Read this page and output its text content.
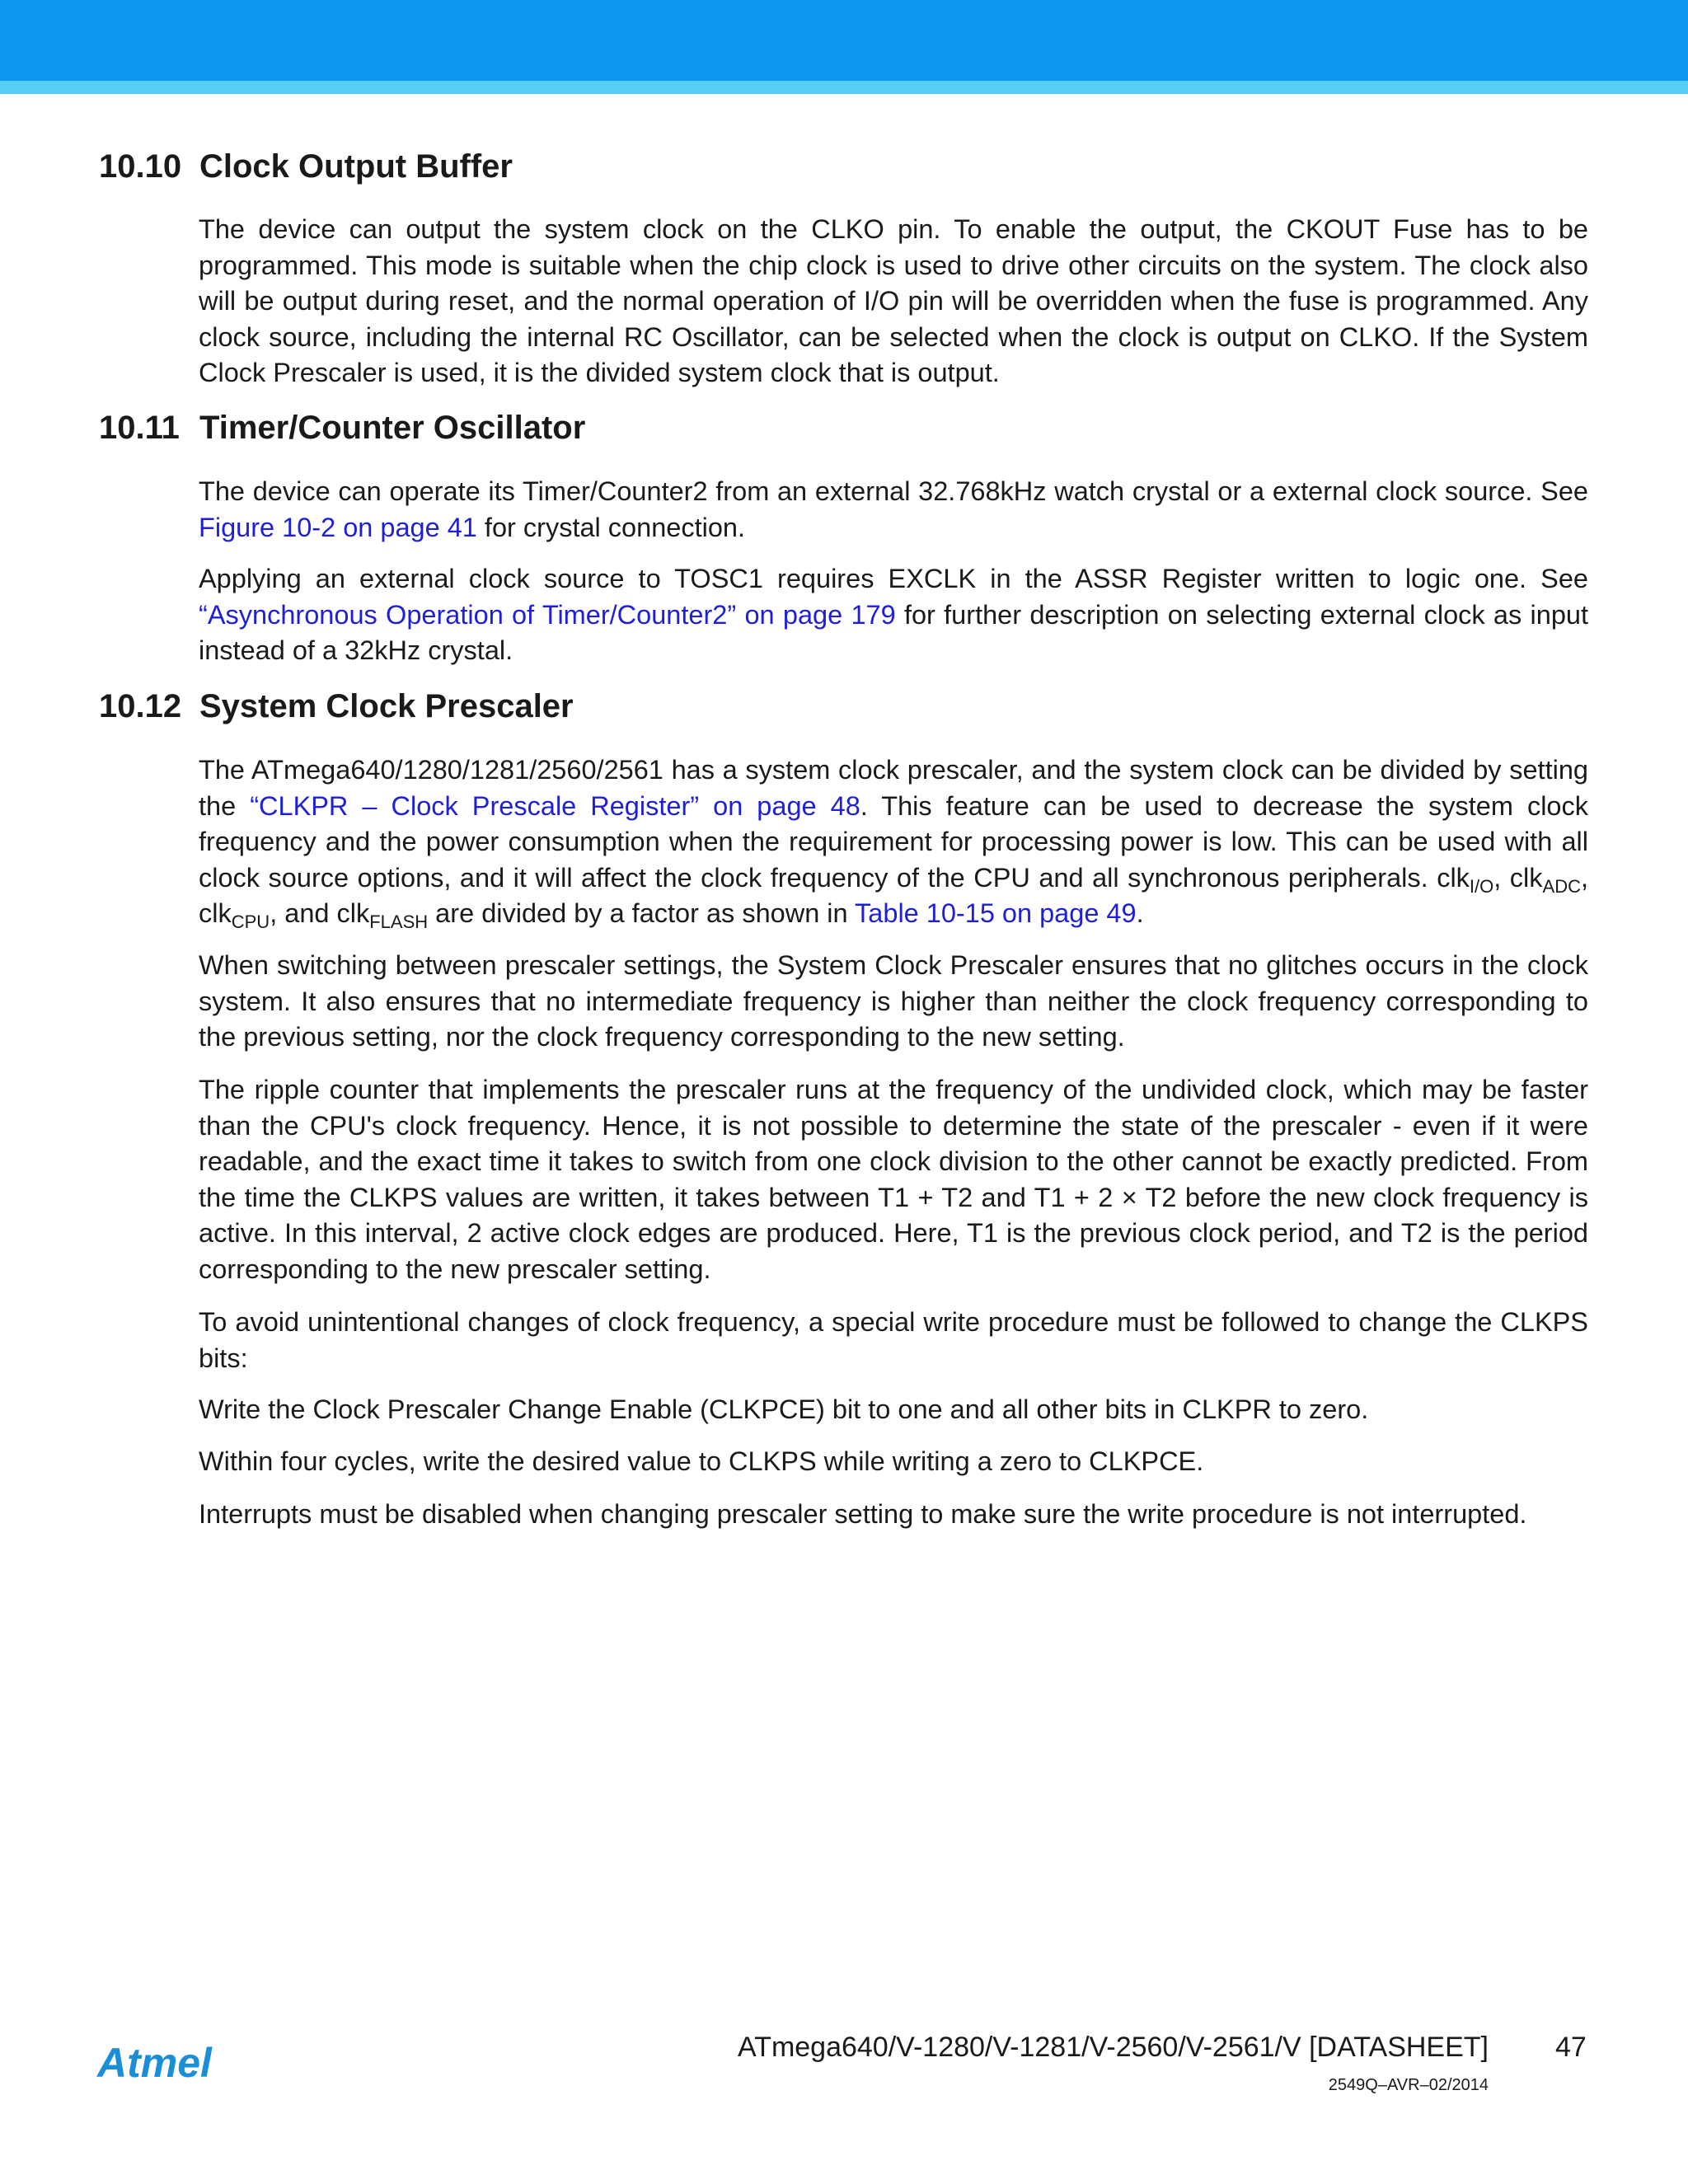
10.10 Clock Output Buffer

The device can output the system clock on the CLKO pin. To enable the output, the CKOUT Fuse has to be programmed. This mode is suitable when the chip clock is used to drive other circuits on the system. The clock also will be output during reset, and the normal operation of I/O pin will be overridden when the fuse is programmed. Any clock source, including the internal RC Oscillator, can be selected when the clock is output on CLKO. If the System Clock Prescaler is used, it is the divided system clock that is output.

10.11 Timer/Counter Oscillator

The device can operate its Timer/Counter2 from an external 32.768kHz watch crystal or a external clock source. See Figure 10-2 on page 41 for crystal connection.

Applying an external clock source to TOSC1 requires EXCLK in the ASSR Register written to logic one. See “Asynchronous Operation of Timer/Counter2” on page 179 for further description on selecting external clock as input instead of a 32kHz crystal.

10.12 System Clock Prescaler

The ATmega640/1280/1281/2560/2561 has a system clock prescaler, and the system clock can be divided by setting the “CLKPR – Clock Prescale Register” on page 48. This feature can be used to decrease the system clock frequency and the power consumption when the requirement for processing power is low. This can be used with all clock source options, and it will affect the clock frequency of the CPU and all synchronous peripherals. clk$_{I/O}$, clk$_{ADC}$, clk$_{CPU}$, and clk$_{FLASH}$ are divided by a factor as shown in Table 10-15 on page 49.

When switching between prescaler settings, the System Clock Prescaler ensures that no glitches occurs in the clock system. It also ensures that no intermediate frequency is higher than neither the clock frequency corresponding to the previous setting, nor the clock frequency corresponding to the new setting.

The ripple counter that implements the prescaler runs at the frequency of the undivided clock, which may be faster than the CPU's clock frequency. Hence, it is not possible to determine the state of the prescaler - even if it were readable, and the exact time it takes to switch from one clock division to the other cannot be exactly predicted. From the time the CLKPS values are written, it takes between T1 + T2 and T1 + 2 × T2 before the new clock frequency is active. In this interval, 2 active clock edges are produced. Here, T1 is the previous clock period, and T2 is the period corresponding to the new prescaler setting.

To avoid unintentional changes of clock frequency, a special write procedure must be followed to change the CLKPS bits:

Write the Clock Prescaler Change Enable (CLKPCE) bit to one and all other bits in CLKPR to zero.

Within four cycles, write the desired value to CLKPS while writing a zero to CLKPCE.

Interrupts must be disabled when changing prescaler setting to make sure the write procedure is not interrupted.

Atmel	ATmega640/V-1280/V-1281/V-2560/V-2561/V [DATASHEET] 47
2549Q–AVR–02/2014
